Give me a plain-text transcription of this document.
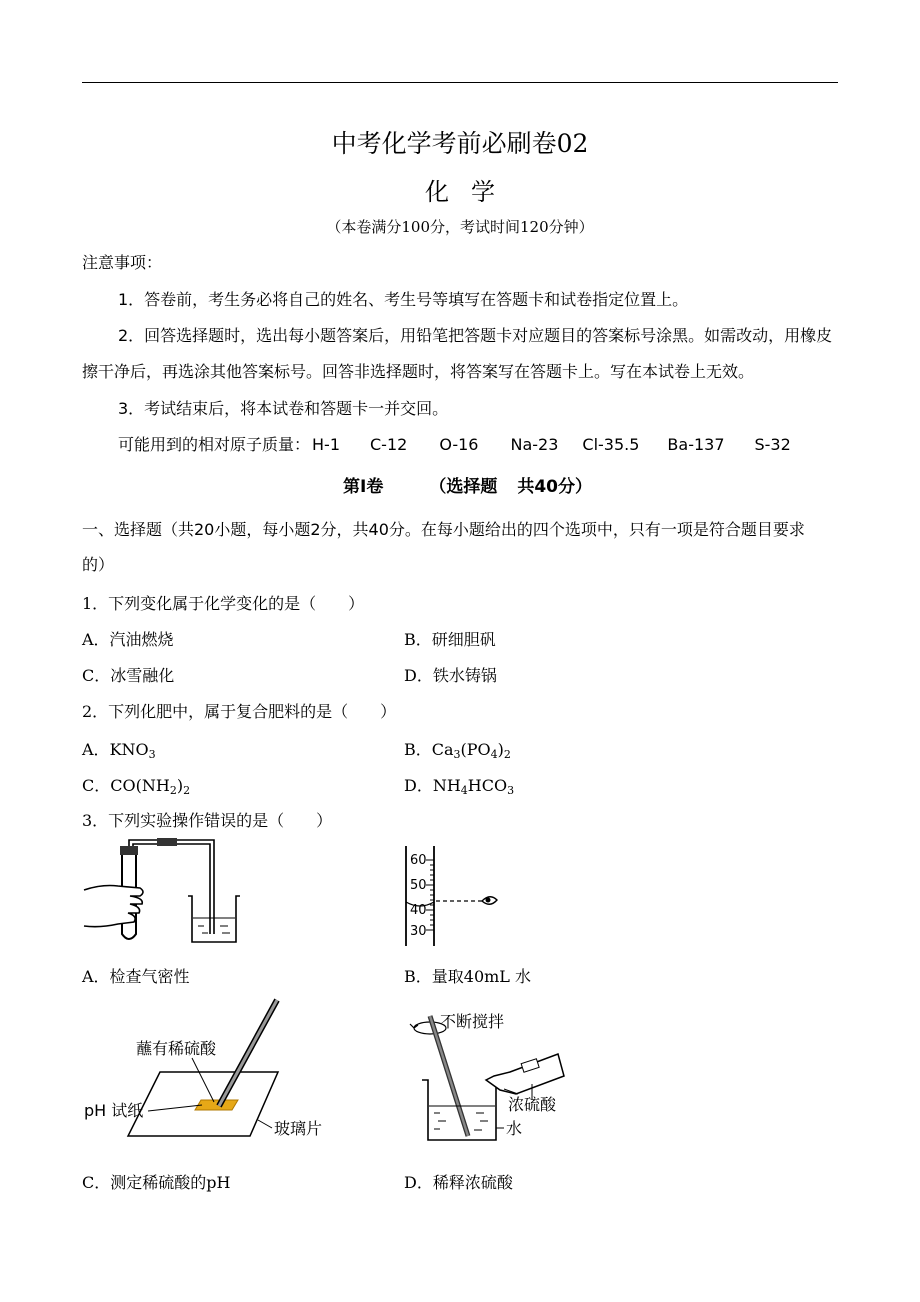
中考化学考前必刷卷02
化学
（本卷满分100分，考试时间120分钟）
注意事项：
1．答卷前，考生务必将自己的姓名、考生号等填写在答题卡和试卷指定位置上。
2．回答选择题时，选出每小题答案后，用铅笔把答题卡对应题目的答案标号涂黑。如需改动，用橡皮
擦干净后，再选涂其他答案标号。回答非选择题时，将答案写在答题卡上。写在本试卷上无效。
3．考试结束后，将本试卷和答题卡一并交回。
可能用到的相对原子质量： H-1 C-12 O-16 Na-23 Cl-35.5 Ba-137 S-32
第I卷	（选择题 共40分）
一、选择题（共20小题，每小题2分，共40分。在每小题给出的四个选项中，只有一项是符合题目要求
的）
1．下列变化属于化学变化的是（　　）
A．汽油燃烧	B．研细胆矾
C．冰雪融化	D．铁水铸锅
2．下列化肥中，属于复合肥料的是（　　）
A．$KNO_3$	B．$Ca_3(PO_4)_2$
C．$CO(NH_2)_2$	D．$NH_4HCO_3$
3．下列实验操作错误的是（　　）
A．检查气密性
60
50
40
30
B．量取40mL 水
蘸有稀硫酸
pH 试纸
玻璃片
C．测定稀硫酸的pH
不断搅拌
浓硫酸
水
D．稀释浓硫酸
